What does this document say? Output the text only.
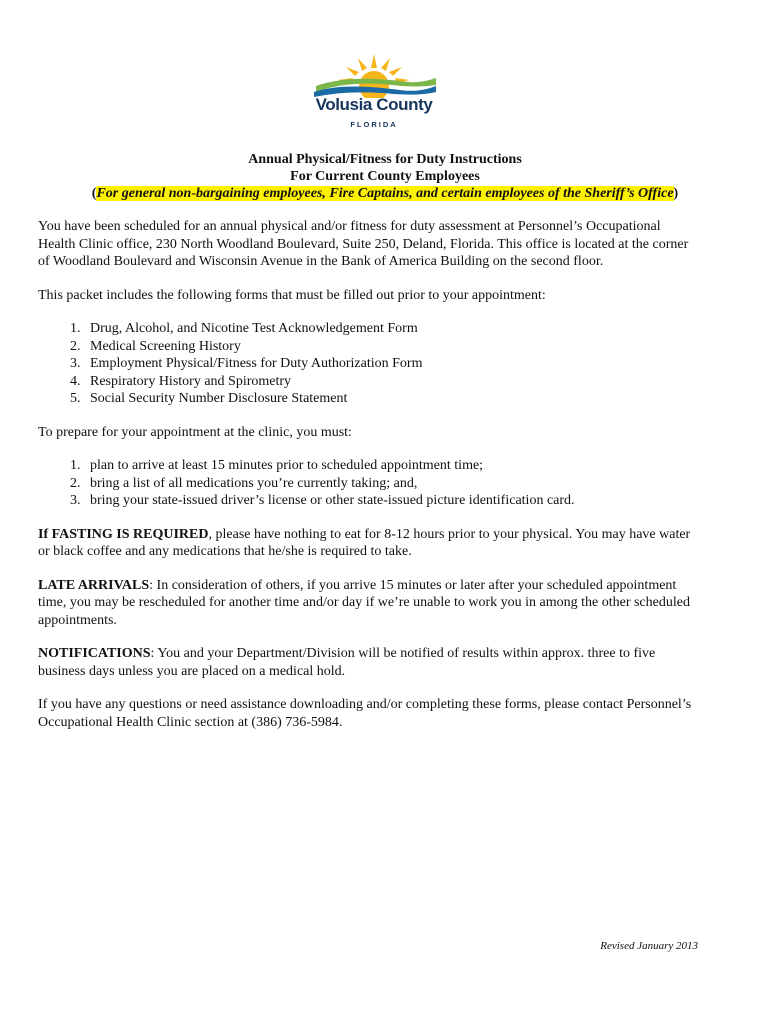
Volusia County
FLORIDA
Annual Physical/Fitness for Duty Instructions
For Current County Employees
(For general non-bargaining employees, Fire Captains, and certain employees of the Sheriff’s Office)

You have been scheduled for an annual physical and/or fitness for duty assessment at Personnel’s Occupational Health Clinic office, 230 North Woodland Boulevard, Suite 250, Deland, Florida. This office is located at the corner of Woodland Boulevard and Wisconsin Avenue in the Bank of America Building on the second floor.

This packet includes the following forms that must be filled out prior to your appointment:

1. Drug, Alcohol, and Nicotine Test Acknowledgement Form
2. Medical Screening History
3. Employment Physical/Fitness for Duty Authorization Form
4. Respiratory History and Spirometry
5. Social Security Number Disclosure Statement

To prepare for your appointment at the clinic, you must:

1. plan to arrive at least 15 minutes prior to scheduled appointment time;
2. bring a list of all medications you’re currently taking; and,
3. bring your state-issued driver’s license or other state-issued picture identification card.

If FASTING IS REQUIRED, please have nothing to eat for 8-12 hours prior to your physical. You may have water or black coffee and any medications that he/she is required to take.

LATE ARRIVALS: In consideration of others, if you arrive 15 minutes or later after your scheduled appointment time, you may be rescheduled for another time and/or day if we’re unable to work you in among the other scheduled appointments.

NOTIFICATIONS: You and your Department/Division will be notified of results within approx. three to five business days unless you are placed on a medical hold.

If you have any questions or need assistance downloading and/or completing these forms, please contact Personnel’s Occupational Health Clinic section at (386) 736-5984.

Revised January 2013
